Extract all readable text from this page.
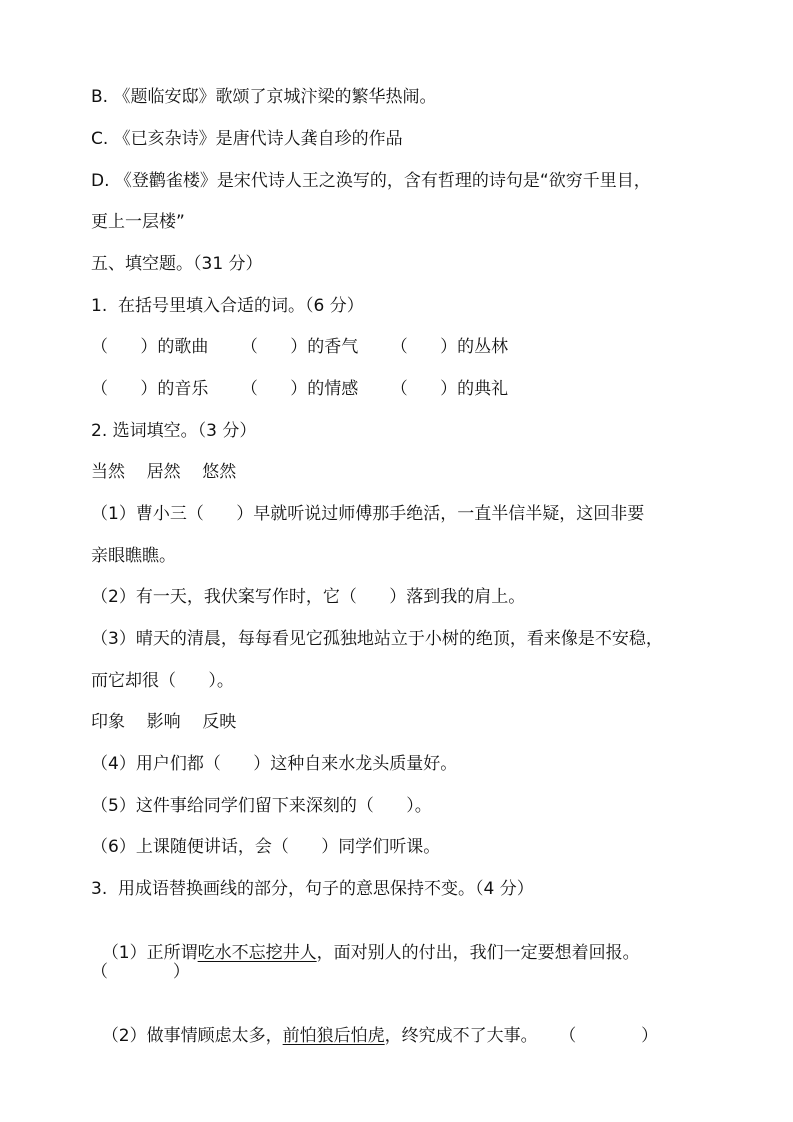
B. 《题临安邸》歌颂了京城汴梁的繁华热闹。
C. 《已亥杂诗》是唐代诗人龚自珍的作品
D. 《登鹳雀楼》是宋代诗人王之涣写的，含有哲理的诗句是“欲穷千里目，
更上一层楼”
五、填空题。（31 分）
1.  在括号里填入合适的词。（6 分）
（      ）的歌曲      （      ）的香气      （      ）的丛林
（      ）的音乐      （      ）的情感      （      ）的典礼
2. 选词填空。（3 分）
当然    居然    悠然
（1）曹小三（      ）早就听说过师傅那手绝活，一直半信半疑，这回非要
亲眼瞧瞧。
（2）有一天，我伏案写作时，它（      ）落到我的肩上。
（3）晴天的清晨，每每看见它孤独地站立于小树的绝顶，看来像是不安稳，
而它却很（      ）。
印象    影响    反映
（4）用户们都（      ）这种自来水龙头质量好。
（5）这件事给同学们留下来深刻的（      ）。
（6）上课随便讲话，会（      ）同学们听课。
3.  用成语替换画线的部分，句子的意思保持不变。（4 分）

（1）正所谓吃水不忘挖井人，面对别人的付出，我们一定要想着回报。

（            ）

（2）做事情顾虑太多，前怕狼后怕虎，终究成不了大事。    （            ）
